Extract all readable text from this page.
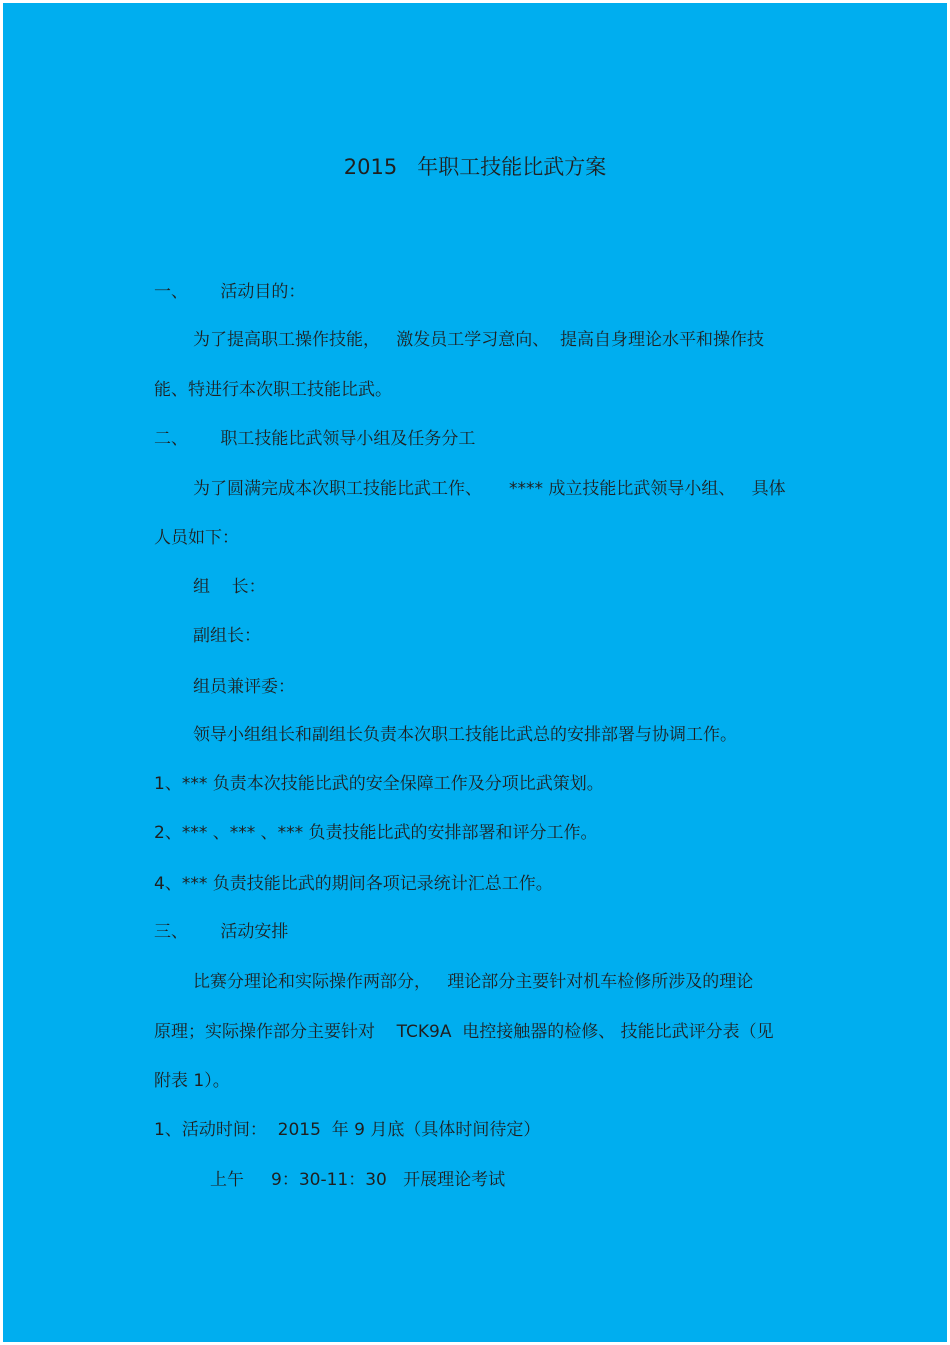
2015   年职工技能比武方案
一、      活动目的：
为了提高职工操作技能，   激发员工学习意向、  提高自身理论水平和操作技
能、特进行本次职工技能比武。
二、      职工技能比武领导小组及任务分工
为了圆满完成本次职工技能比武工作、     **** 成立技能比武领导小组、   具体
人员如下：
组    长：
副组长：
组员兼评委：
领导小组组长和副组长负责本次职工技能比武总的安排部署与协调工作。
1、*** 负责本次技能比武的安全保障工作及分项比武策划。
2、*** 、*** 、*** 负责技能比武的安排部署和评分工作。
4、*** 负责技能比武的期间各项记录统计汇总工作。
三、      活动安排
比赛分理论和实际操作两部分，   理论部分主要针对机车检修所涉及的理论
原理；实际操作部分主要针对    TCK9A  电控接触器的检修、 技能比武评分表（见
附表 1）。
1、活动时间：  2015  年 9 月底（具体时间待定）
上午     9：30-11：30   开展理论考试
